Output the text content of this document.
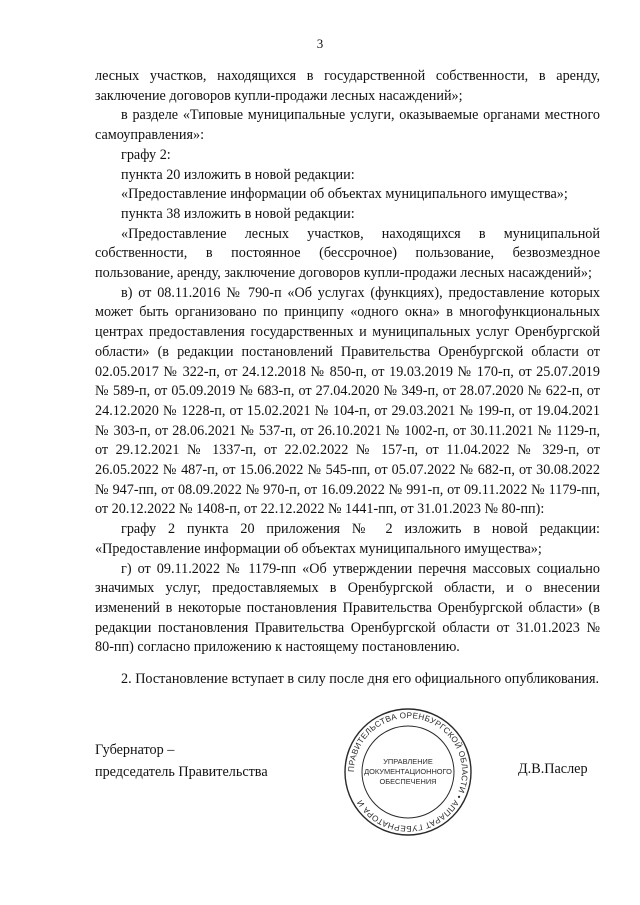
3

лесных участков, находящихся в государственной собственности, в аренду, заключение договоров купли-продажи лесных насаждений»;

в разделе «Типовые муниципальные услуги, оказываемые органами местного самоуправления»:

графу 2:

пункта 20 изложить в новой редакции:

«Предоставление информации об объектах муниципального имущества»;

пункта 38 изложить в новой редакции:

«Предоставление лесных участков, находящихся в муниципальной собственности, в постоянное (бессрочное) пользование, безвозмездное пользование, аренду, заключение договоров купли-продажи лесных насаждений»;

в) от 08.11.2016 № 790-п «Об услугах (функциях), предоставление которых может быть организовано по принципу «одного окна» в многофункциональных центрах предоставления государственных и муниципальных услуг Оренбургской области» (в редакции постановлений Правительства Оренбургской области от 02.05.2017 № 322-п, от 24.12.2018 № 850-п, от 19.03.2019 № 170-п, от 25.07.2019 № 589-п, от 05.09.2019 № 683-п, от 27.04.2020 № 349-п, от 28.07.2020 № 622-п, от 24.12.2020 № 1228-п, от 15.02.2021 № 104-п, от 29.03.2021 № 199-п, от 19.04.2021 № 303-п, от 28.06.2021 № 537-п, от 26.10.2021 № 1002-п, от 30.11.2021 № 1129-п, от 29.12.2021 № 1337-п, от 22.02.2022 № 157-п, от 11.04.2022 № 329-п, от 26.05.2022 № 487-п, от 15.06.2022 № 545-пп, от 05.07.2022 № 682-п, от 30.08.2022 № 947-пп, от 08.09.2022 № 970-п, от 16.09.2022 № 991-п, от 09.11.2022 № 1179-пп, от 20.12.2022 № 1408-п, от 22.12.2022 № 1441-пп, от 31.01.2023 № 80-пп):

графу 2 пункта 20 приложения № 2 изложить в новой редакции: «Предоставление информации об объектах муниципального имущества»;

г) от 09.11.2022 № 1179-пп «Об утверждении перечня массовых социально значимых услуг, предоставляемых в Оренбургской области, и о внесении изменений в некоторые постановления Правительства Оренбургской области» (в редакции постановления Правительства Оренбургской области от 31.01.2023 № 80-пп) согласно приложению к настоящему постановлению.

2. Постановление вступает в силу после дня его официального опубликования.

Губернатор –
председатель Правительства	ПРАВИТЕЛЬСТВА ОРЕНБУРГСКОЙ ОБЛАСТИ • АППАРАТ ГУБЕРНАТОРА И
УПРАВЛЕНИЕ
ДОКУМЕНТАЦИОННОГО
ОБЕСПЕЧЕНИЯ
Д.В.Паслер
